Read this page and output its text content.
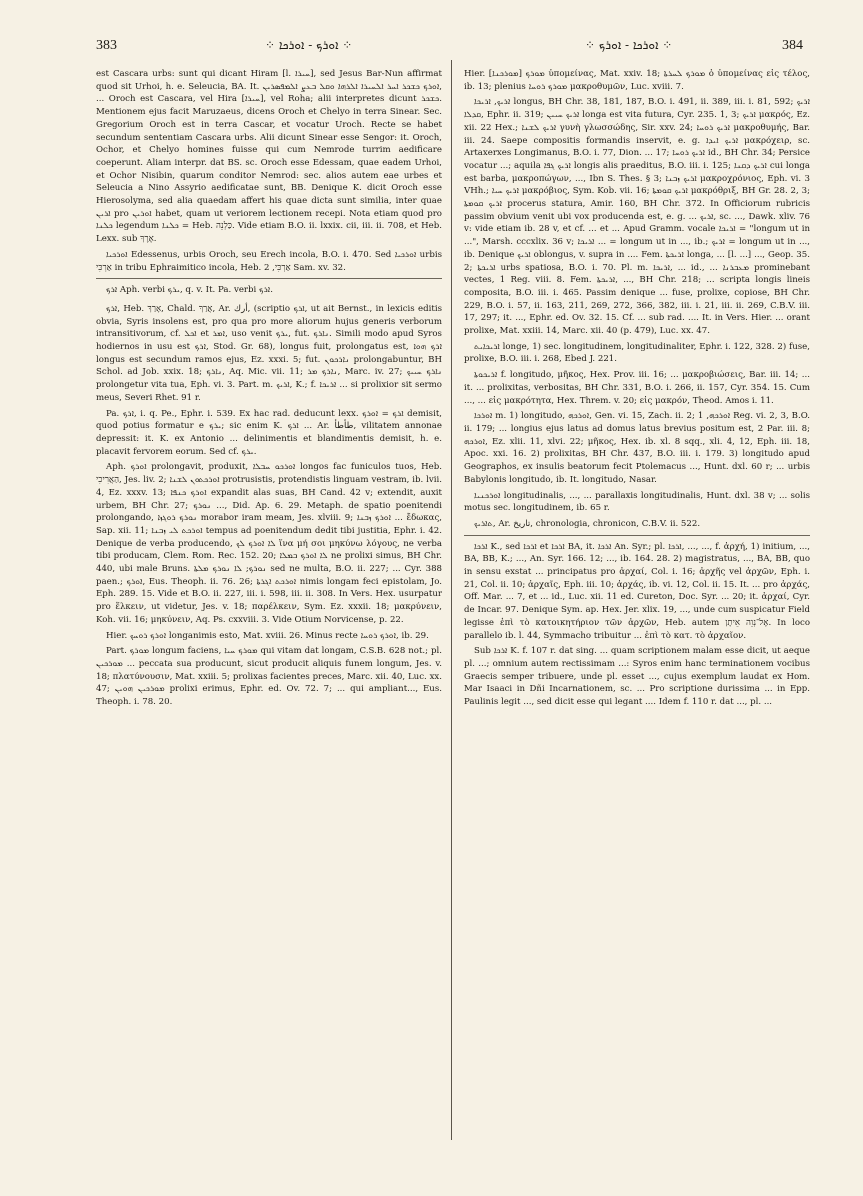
383	⁘ ܐܘܪܟ - ܐܘܪܟܐ ⁘	⁘ ܐܘܪܟܐ - ܐܘܪܟ ⁘	384

est Cascara urbs: sunt qui dicant Hiram [l. ܚܝܪܐ], sed Jesus Bar-Nun affirmat quod sit Urhoi, h. e. Seleucia, BA. It. ܐܘܪܟ ܟܫܟܪ ܐܚܪ ܐܠܚܝܪܐ ܐܠܪܗܐ ܘܩܠ ܒܥܨ ܐܠܡܦܣܪܝܢ, ... Oroch est Cascara, vel Hira [ܚܝܪܐ], vel Roha; alii interpretes dicunt ܟܫܟܪ. Mentionem ejus facit Maruzaeus, dicens Oroch et Chelyo in terra Sinear. Sec. Gregorium Oroch est in terra Cascar, et vocatur Uroch. Recte se habet secundum sententiam Cascara urbs. Alii dicunt Sinear esse Sengor: it. Oroch, Ochor, et Chelyo homines fuisse qui cum Nemrode turrim aedificare coeperunt. Aliam interpr. dat BS. sc. Oroch esse Edessam, quae eadem Urhoi, et Ochor Nisibin, quarum conditor Nemrod: sec. alios autem eae urbes et Seleucia a Nino Assyrio aedificatae sunt, BB. Denique K. dicit Oroch esse Hierosolyma, sed alia quaedam affert his quae dicta sunt similia, inter quae ܐܪܝܢ pro ܐܘܪܝܢ habet, quam ut veriorem lectionem recepi. Nota etiam quod pro ܟܠܢܐ legendum ܟܠܢܐ = Heb. כַּלְנֵה. Vide etiam B.O. ii. lxxix. cii, iii. ii. 708, et Heb. Lexx. sub אֶרֶךְ.

ܐܘܪܟܝܐ Edessenus, urbis Oroch, seu Erech incola, B.O. i. 470. Sed ܐܘܪܟܝܐ urbis אַרְכִּי in tribu Ephraimitico incola, Heb. אַרְכִּי, 2 Sam. xv. 32.

ܐܪܟ Aph. verbi ܝܪܟ, q. v. It. Pa. verbi ܐܪܟ.

ܐܪܟ, Heb. אָרַךְ, Chald. אֲרַךְ, Ar. أرك, (scriptio ܐܪܟ, ut ait Bernst., in lexicis editis obvia, Syris insolens est, pro qua pro more aliorum hujus generis verborum intransitivorum, cf. ܐܟܠ et ܐܡܪ, uso venit ܝܪܟ, fut. ܢܐܪܟ. Simili modo apud Syros hodiernos in usu est ܐܪܟ, Stod. Gr. 68), longus fuit, prolongatus est, ܐܪܟ ܗܘܐ longus est secundum ramos ejus, Ez. xxxi. 5; fut. ܢܐܪܟܘܢ prolongabuntur, BH Schol. ad Job. xxix. 18; ܢܐܪܟ, Aq. Mic. vii. 11; ܢܐܪܟ ܡܪ, Marc. iv. 27; ܢܐܪܟ ܚܝܝܟ prolongetur vita tua, Eph. vi. 3. Part. m. ܐܪܝܟ, K.; f. ܐܪܝܟܐ ... si prolixior sit sermo meus, Severi Rhet. 91 r.

Pa. ܐܪܟ, i. q. Pe., Ephr. i. 539. Ex hac rad. deducunt lexx. ܐܪܟ = ܐܘܪܟ demisit, quod potius formatur e ܝܪܟ; sic enim K. ܐܪܟ ... Ar. طأطأ, vilitatem annonae depressit: it. K. ex Antonio ... delinimentis et blandimentis demisit, h. e. placavit fervorem eorum. Sed cf. ܝܪܟ.

Aph. ܐܘܪܟ prolongavit, produxit, ܐܘܪܟܘ ܚܒܠܐ longos fac funiculos tuos, Heb. הַאֲרִיכִי, Jes. liv. 2; ܐܘܪܟܬܘܢ ܠܫܢܐ protrusistis, protendistis linguam vestram, ib. lvii. 4, Ez. xxxv. 13; ܐܘܪܟ ܟܢܦܐ expandit alas suas, BH Cand. 42 v; extendit, auxit urbem, BH Chr. 27; ܢܘܪܟ ..., Did. Ap. 6. 29. Metaph. de spatio poenitendi prolongando, ܢܘܪܟ ܪܘܓܙܐ morabor iram meam, Jes. xlviii. 9; ܐܘܪܟ ܙܒܢܐ ... ἔδωκας, Sap. xii. 11; ܐܘܪܟܬ ܠܝ ܙܒܢܐ tempus ad poenitendum dedit tibi justitia, Ephr. i. 42. Denique de verba producendo, ܠܐ ܐܘܪܟ ܠܟ ἵνα μή σοι μηκύνω λόγους, ne verba tibi producam, Clem. Rom. Rec. 152. 20; ܠܐ ܐܘܪܟ ܒܡܠܐ ne prolixi simus, BH Chr. 440, ubi male Bruns. ܢܘܪܟ; ܠܐ ܢܘܪܟ ܡܠܬܐ sed ne multa, B.O. ii. 227; ... Cyr. 388 paen.; ܐܘܪܟ, Eus. Theoph. ii. 76. 26; ܐܘܪܟܬ ܐܓܪܬܐ nimis longam feci epistolam, Jo. Eph. 289. 15. Vide et B.O. ii. 227, iii. i. 598, iii. ii. 308. In Vers. Hex. usurpatur pro ἕλκειν, ut videtur, Jes. v. 18; παρέλκειν, Sym. Ez. xxxii. 18; μακρύνειν, Koh. vii. 16; μηκύνειν, Aq. Ps. cxxviii. 3. Vide Otium Norvicense, p. 22.

Hier. ܐܘܪܟ ܪܘܚܟ longanimis esto, Mat. xviii. 26. Minus recte ܐܘܪܟ ܪܘܚܐ, ib. 29.

Part. ܡܘܪܟ longum faciens, ܡܘܪܟ ܚܝܐ qui vitam dat longam, C.S.B. 628 not.; pl. ܡܘܪܟܝܢ ... peccata sua producunt, sicut producit aliquis funem longum, Jes. v. 18; πλατύνουσιν, Mat. xxiii. 5; prolixas facientes preces, Marc. xii. 40, Luc. xx. 47; ܡܘܪܟܝܢ ܗܘܝܢ prolixi erimus, Ephr. ed. Ov. 72. 7; ... qui ampliant..., Eus. Theoph. i. 78. 20.

Hier. ܡܘܪܟ [ܡܘܪܟܢܐ] ὑπομείνας, Mat. xxiv. 18; ܡܘܪܟ ܠܚܪܬܐ ὁ ὑπομείνας εἰς τέλος, ib. 13; plenius ܡܘܪܟ ܪܘܚܐ μακροθυμῶν, Luc. xviii. 7.

ܐܪܝܟ, ܐܪܝܟܐ longus, BH Chr. 38, 181, 187, B.O. i. 491, ii. 389, iii. i. 81, 592; ܐܪܝܟ ܩܕܠܐ, Ephr. ii. 319; ܐܪܝܟ ܚܝܝܢ longa est vita futura, Cyr. 235. 1, 3; ܐܪܝܟ μακρός, Ez. xii. 22 Hex.; ܐܪܝܟ ܠܫܢܐ γυνὴ γλωσσώδης, Sir. xxv. 24; ܐܪܝܟ ܪܘܚܐ μακροθυμής, Bar. iii. 24. Saepe compositis formandis inservit, e. g. ܐܪܝܟ ܐܝܕܐ μακρόχειρ, sc. Artaxerxes Longimanus, B.O. i. 77, Dion. ... 17; ܐܪܝܟ ܪܘܚܐ id., BH Chr. 34; Persice vocatur ...; aquila ܐܪܝܟ ܓܦܐ longis alis praeditus, B.O. iii. i. 125; ܐܪܝܟ ܕܩܢܐ cui longa est barba, μακροπώγων, ..., Ibn S. Thes. § 3; ܐܪܝܟ ܙܒܢܐ μακροχρόνιος, Eph. vi. 3 VHh.; ܐܪܝܟ ܚܝܐ μακρόβιος, Sym. Kob. vii. 16; ܐܪܝܟ ܩܘܡܬܐ μακρόθριξ, BH Gr. 28. 2, 3; ܐܪܝܟ ܩܘܡܬܐ procerus statura, Amir. 160, BH Chr. 372. In Officiorum rubricis passim obvium venit ubi vox producenda est, e. g. ... ܐܪܝܟ, sc. ..., Dawk. xliv. 76 v: vide etiam ib. 28 v, et cf. ... et ... Apud Gramm. vocale ܐܪܝܟܐ = "longum ut in ...", Marsh. cccxlix. 36 v; ܐܪܝܟܐ ... = longum ut in ..., ib.; ܐܪܝܟ = longum ut in ..., ib. Denique ܐܪܝܟ oblongus, v. supra in .... Fem. ܐܪܝܟܬܐ longa, ... [l. ...] ..., Geop. 35. 2; ܐܪܝܟܬܐ urbs spatiosa, B.O. i. 70. Pl. m. ܐܪܝܟܐ, ... id., ... ܡܥܒܪܢܐ prominebant vectes, 1 Reg. viii. 8. Fem. ܐܪܝܟܬܐ, ..., BH Chr. 218; ... scripta longis lineis composita, B.O. iii. i. 465. Passim denique ... fuse, prolixe, copiose, BH Chr. 229, B.O. i. 57, ii. 163, 211, 269, 272, 366, 382, iii. i. 21, iii. ii. 269, C.B.V. iii. 17, 297; it. ..., Ephr. ed. Ov. 32. 15. Cf. ... sub rad. .... It. in Vers. Hier. ... orant prolixe, Mat. xxiii. 14, Marc. xii. 40 (p. 479), Luc. xx. 47.

ܐܪܝܟܐܝܬ longe, 1) sec. longitudinem, longitudinaliter, Ephr. i. 122, 328. 2) fuse, prolixe, B.O. iii. i. 268, Ebed J. 221.

ܐܪܝܟܘܬܐ f. longitudo, μῆκος, Hex. Prov. iii. 16; ... μακροβιώσεις, Bar. iii. 14; ... it. ... prolixitas, verbositas, BH Chr. 331, B.O. i. 266, ii. 157, Cyr. 354. 15. Cum ..., ... εἰς μακρότητα, Hex. Threm. v. 20; εἰς μακρόν, Theod. Amos i. 11.

ܐܘܪܟܐ m. 1) longitudo, ܐܘܪܟܗ, Gen. vi. 15, Zach. ii. 2; ܐܘܪܟܗ, 1 Reg. vi. 2, 3, B.O. ii. 179; ... longius ejus latus ad domus latus brevius positum est, 2 Par. iii. 8; ܐܘܪܟܗ, Ez. xlii. 11, xlvi. 22; μῆκος, Hex. ib. xl. 8 sqq., xli. 4, 12, Eph. iii. 18, Apoc. xxi. 16. 2) prolixitas, BH Chr. 437, B.O. iii. i. 179. 3) longitudo apud Geographos, ex insulis beatorum fecit Ptolemacus ..., Hunt. dxl. 60 r; ... urbis Babylonis longitudo, ib. It. longitudo, Nasar.

ܐܘܪܟܢܝܐ longitudinalis, ..., ... parallaxis longitudinalis, Hunt. dxl. 38 v; ... solis motus sec. longitudinem, ib. 65 r.

ܬܐܪܝܟ, Ar. تاريخ, chronologia, chronicon, C.B.V. ii. 522.

ܐܪܟܐ K., sed ܐܪܟܐ et ܐܪܟܐ BA, it. ܐܪܟܐ An. Syr.; pl. ܐܪܟܐ, ..., ..., f. ἀρχή, 1) initium, ..., BA, BB, K.; ..., An. Syr. 166. 12; ..., ib. 164. 28. 2) magistratus, ..., BA, BB, quo in sensu exstat ... principatus pro ἀρχαί, Col. i. 16; ἀρχῆς vel ἀρχῶν, Eph. i. 21, Col. ii. 10; ἀρχαῖς, Eph. iii. 10; ἀρχάς, ib. vi. 12, Col. ii. 15. It. ... pro ἀρχάς, Off. Mar. ... 7, et ... id., Luc. xii. 11 ed. Cureton, Doc. Syr. ... 20; it. ἀρχαί, Cyr. de Incar. 97. Denique Sym. ap. Hex. Jer. xlix. 19, ..., unde cum suspicatur Field legisse ἐπὶ τὸ κατοικητήριον τῶν ἀρχῶν, Heb. autem אֶל־נְוֵה אֵיתָן. In loco parallelo ib. l. 44, Symmacho tribuitur ... ἐπὶ τὸ κατ. τὸ ἀρχαῖον.

Sub ܐܪܟܐ K. f. 107 r. dat sing. ... quam scriptionem malam esse dicit, ut aeque pl. ...; omnium autem rectissimam ...: Syros enim hanc terminationem vocibus Graecis semper tribuere, unde pl. esset ..., cujus exemplum laudat ex Hom. Mar Isaaci in Dñi Incarnationem, sc. ... Pro scriptione durissima ... in Epp. Paulinis legit ..., sed dicit esse qui legant .... Idem f. 110 r. dat ..., pl. ...
